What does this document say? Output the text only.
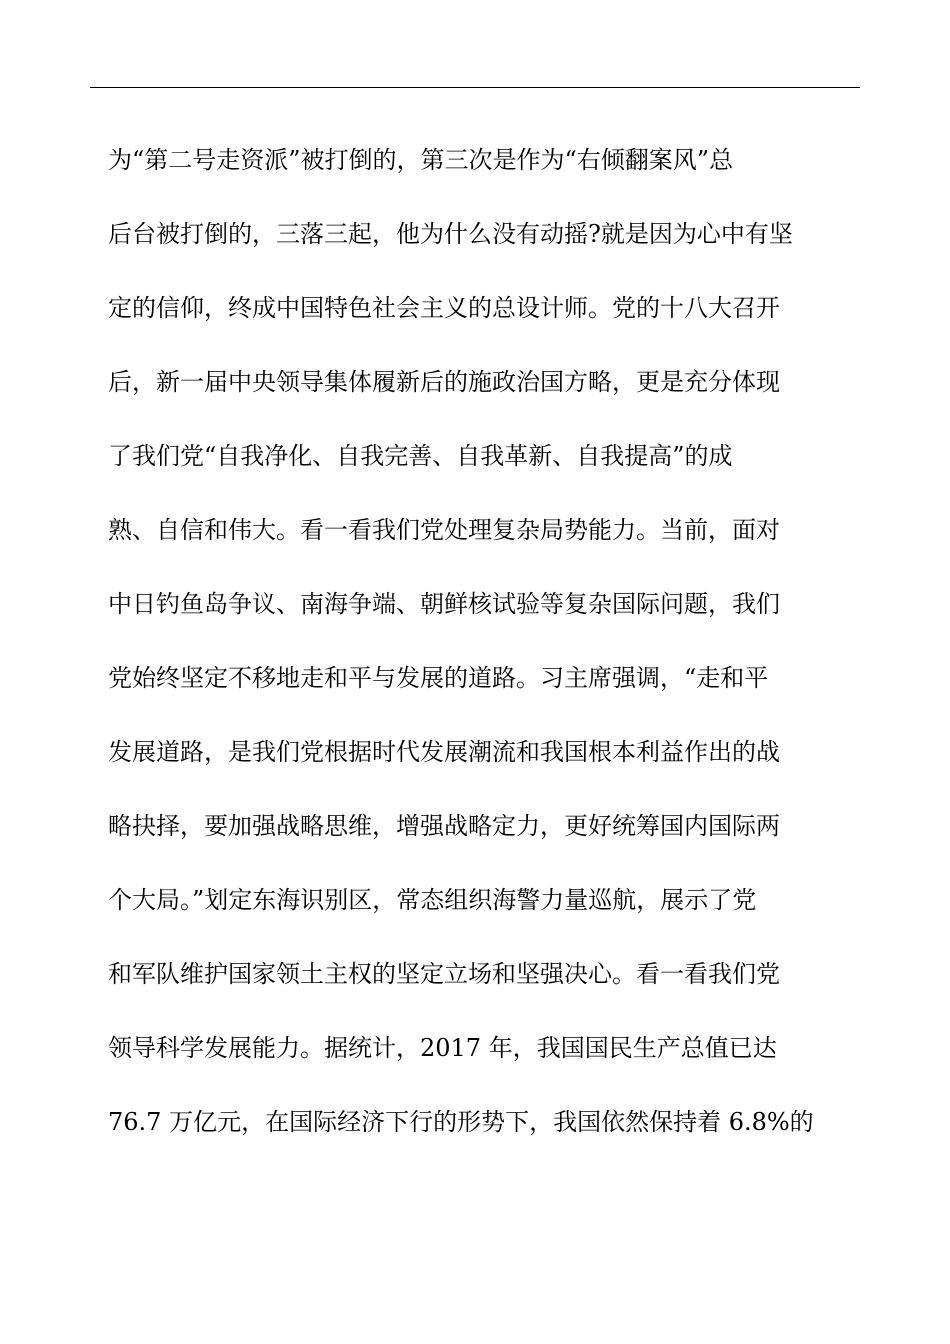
为“第二号走资派”被打倒的，第三次是作为“右倾翻案风”总
后台被打倒的，三落三起，他为什么没有动摇?就是因为心中有坚
定的信仰，终成中国特色社会主义的总设计师。党的十八大召开
后，新一届中央领导集体履新后的施政治国方略，更是充分体现
了我们党“自我净化、自我完善、自我革新、自我提高”的成
熟、自信和伟大。看一看我们党处理复杂局势能力。当前，面对
中日钓鱼岛争议、南海争端、朝鲜核试验等复杂国际问题，我们
党始终坚定不移地走和平与发展的道路。习主席强调，“走和平
发展道路，是我们党根据时代发展潮流和我国根本利益作出的战
略抉择，要加强战略思维，增强战略定力，更好统筹国内国际两
个大局。”划定东海识别区，常态组织海警力量巡航，展示了党
和军队维护国家领土主权的坚定立场和坚强决心。看一看我们党
领导科学发展能力。据统计，2017 年，我国国民生产总值已达
76.7 万亿元，在国际经济下行的形势下，我国依然保持着 6.8%的
